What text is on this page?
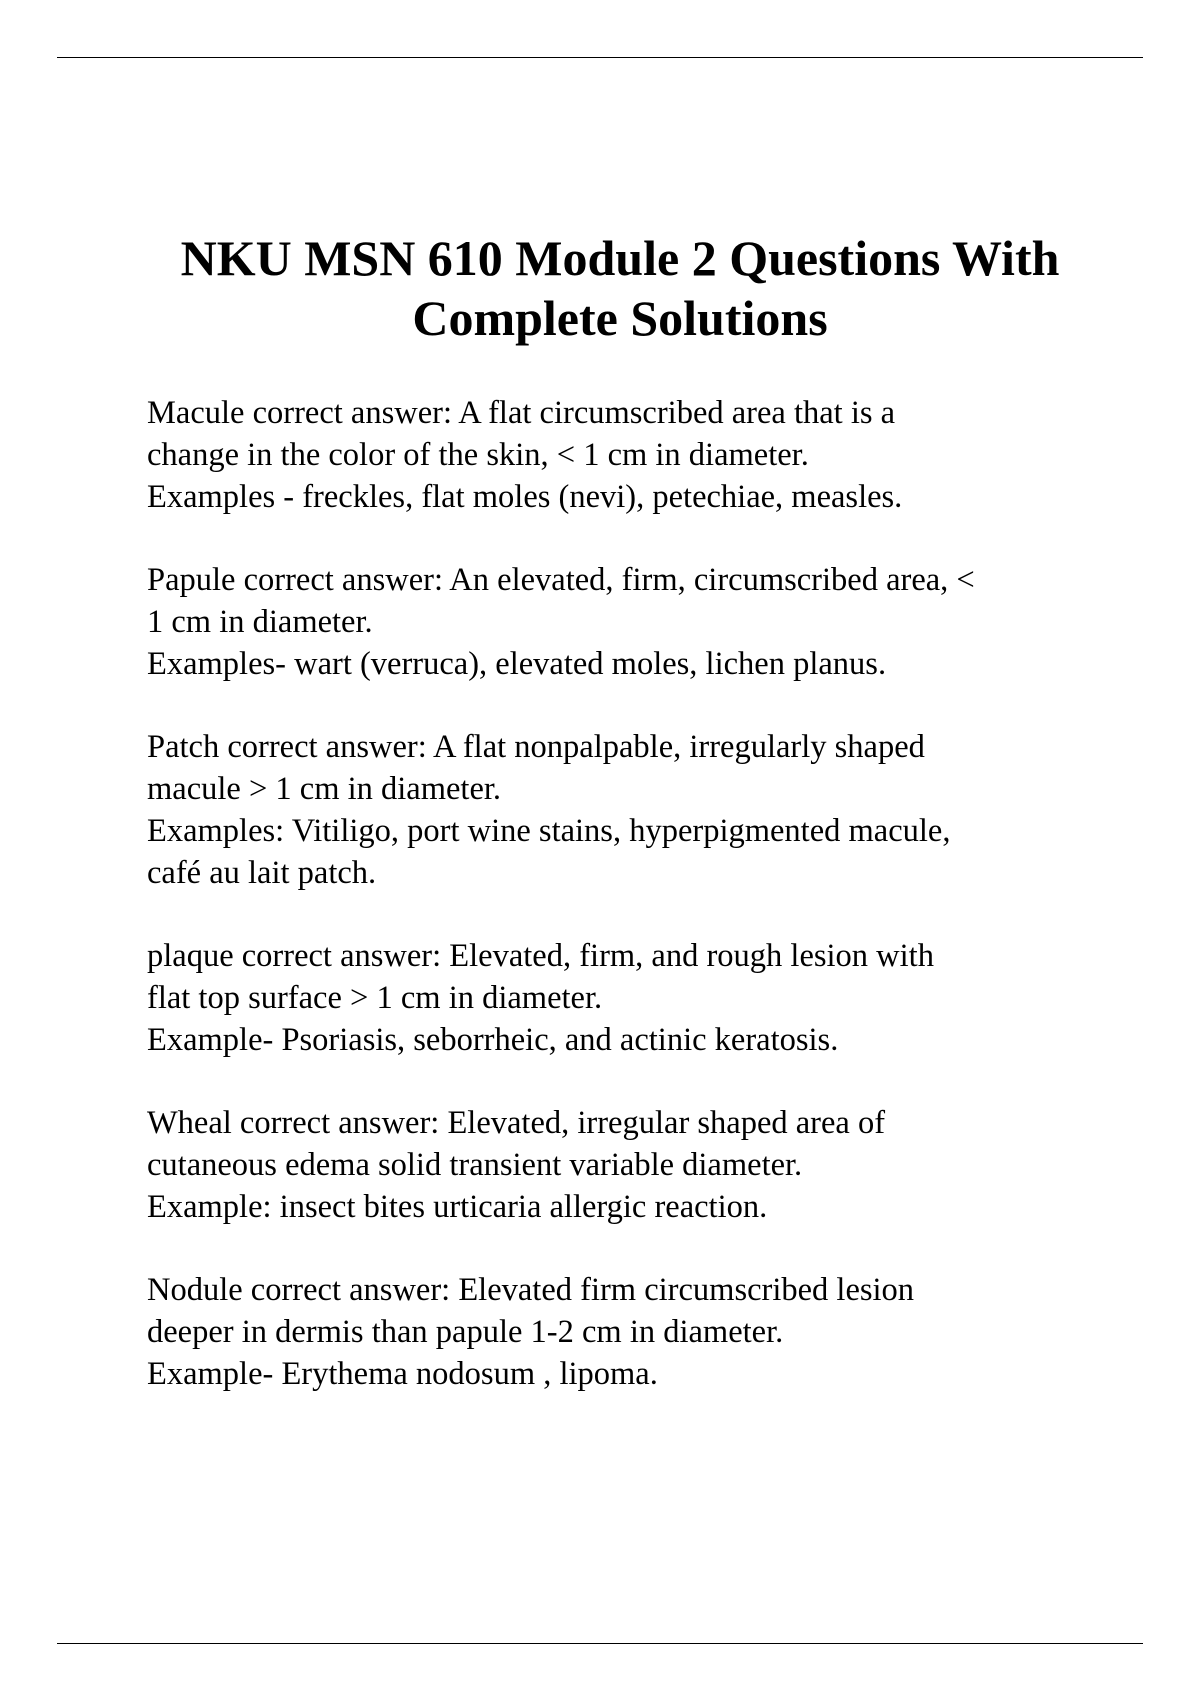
NKU MSN 610 Module 2 Questions With
Complete Solutions
Macule correct answer: A flat circumscribed area that is a
change in the color of the skin, < 1 cm in diameter.
Examples - freckles, flat moles (nevi), petechiae, measles.
Papule correct answer: An elevated, firm, circumscribed area, <
1 cm in diameter.
Examples- wart (verruca), elevated moles, lichen planus.
Patch correct answer: A flat nonpalpable, irregularly shaped
macule > 1 cm in diameter.
Examples: Vitiligo, port wine stains, hyperpigmented macule,
café au lait patch.
plaque correct answer: Elevated, firm, and rough lesion with
flat top surface > 1 cm in diameter.
Example- Psoriasis, seborrheic, and actinic keratosis.
Wheal correct answer: Elevated, irregular shaped area of
cutaneous edema solid transient variable diameter.
Example: insect bites urticaria allergic reaction.
Nodule correct answer: Elevated firm circumscribed lesion
deeper in dermis than papule 1-2 cm in diameter.
Example- Erythema nodosum , lipoma.
